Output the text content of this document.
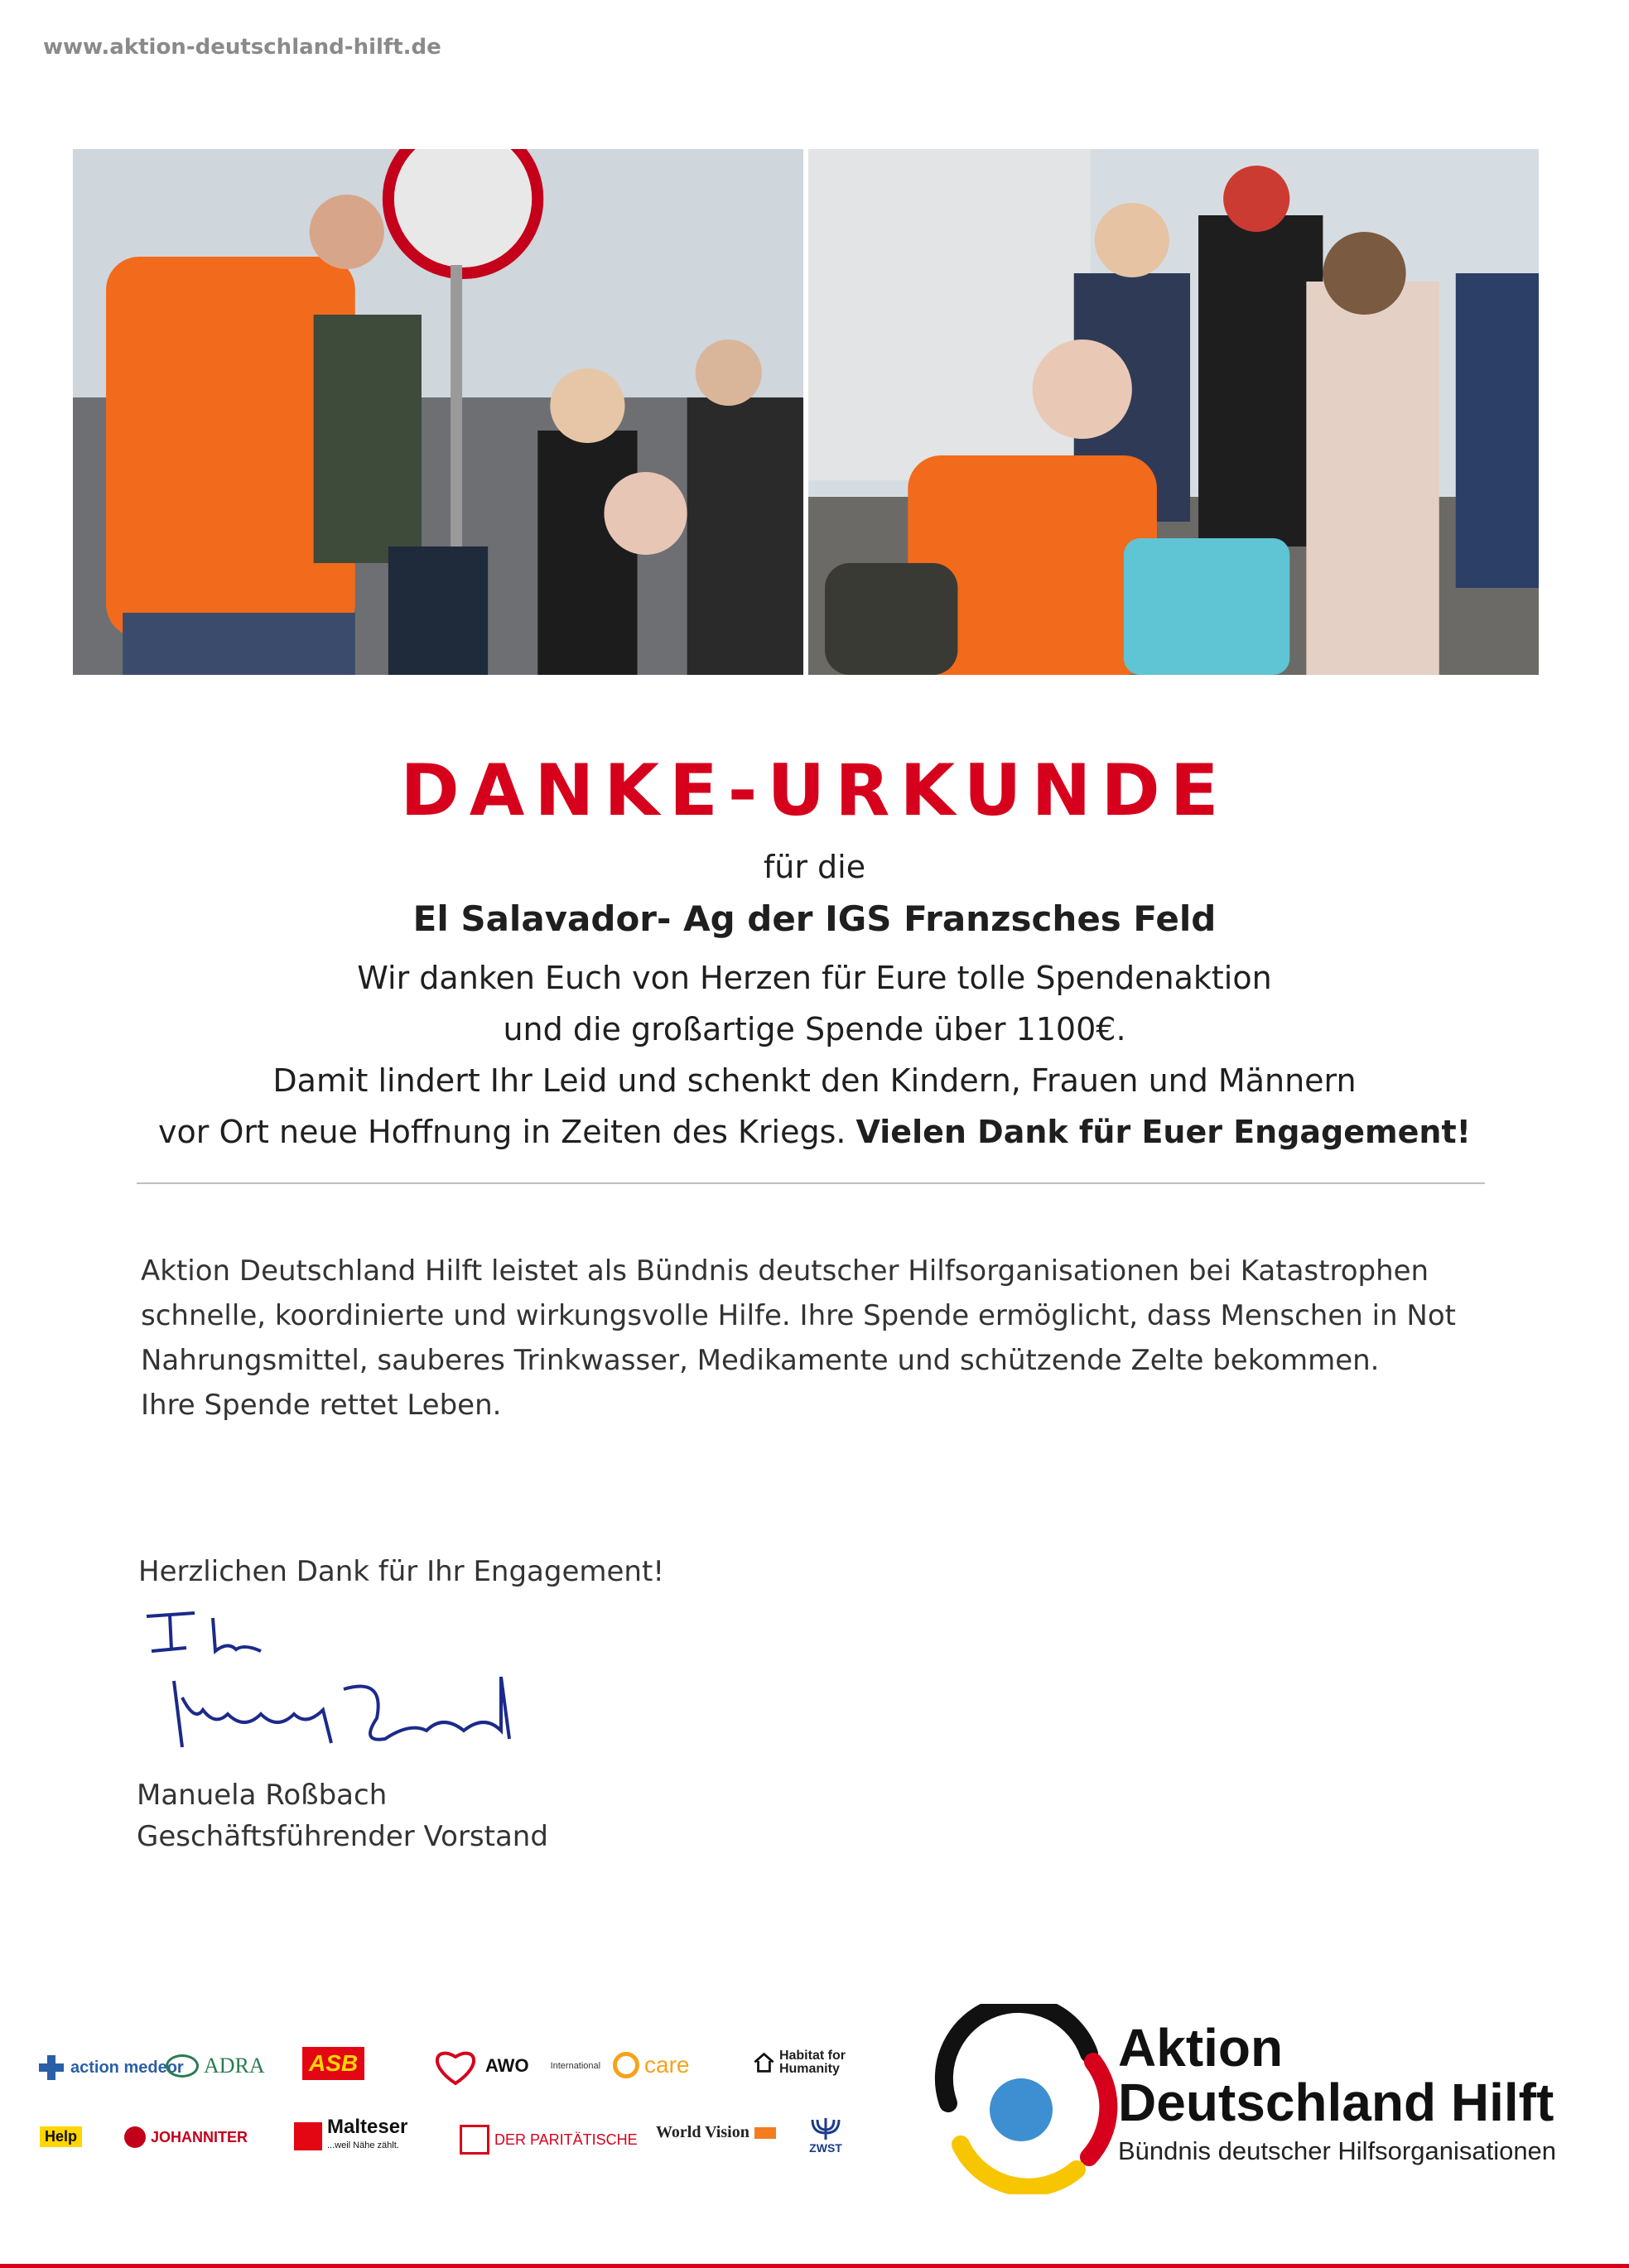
www.aktion-deutschland-hilft.de
DANKE-URKUNDE
für die
El Salavador- Ag der IGS Franzsches Feld
Wir danken Euch von Herzen für Eure tolle Spendenaktion
und die großartige Spende über 1100€.
Damit lindert Ihr Leid und schenkt den Kindern, Frauen und Männern
vor Ort neue Hoffnung in Zeiten des Kriegs. Vielen Dank für Euer Engagement!
Aktion Deutschland Hilft leistet als Bündnis deutscher Hilfsorganisationen bei Katastrophen
schnelle, koordinierte und wirkungsvolle Hilfe. Ihre Spende ermöglicht, dass Menschen in Not
Nahrungsmittel, sauberes Trinkwasser, Medikamente und schützende Zelte bekommen.
Ihre Spende rettet Leben.
Herzlichen Dank für Ihr Engagement!
Manuela Roßbach
Geschäftsführender Vorstand
action medeor ADRA ASB	AWO International care	Habitat for Humanity
Help	JOHANNITER	Malteser
...weil Nähe zählt.	DER PARITÄTISCHE World Vision
ZWST
Aktion
Deutschland Hilft
Bündnis deutscher Hilfsorganisationen
